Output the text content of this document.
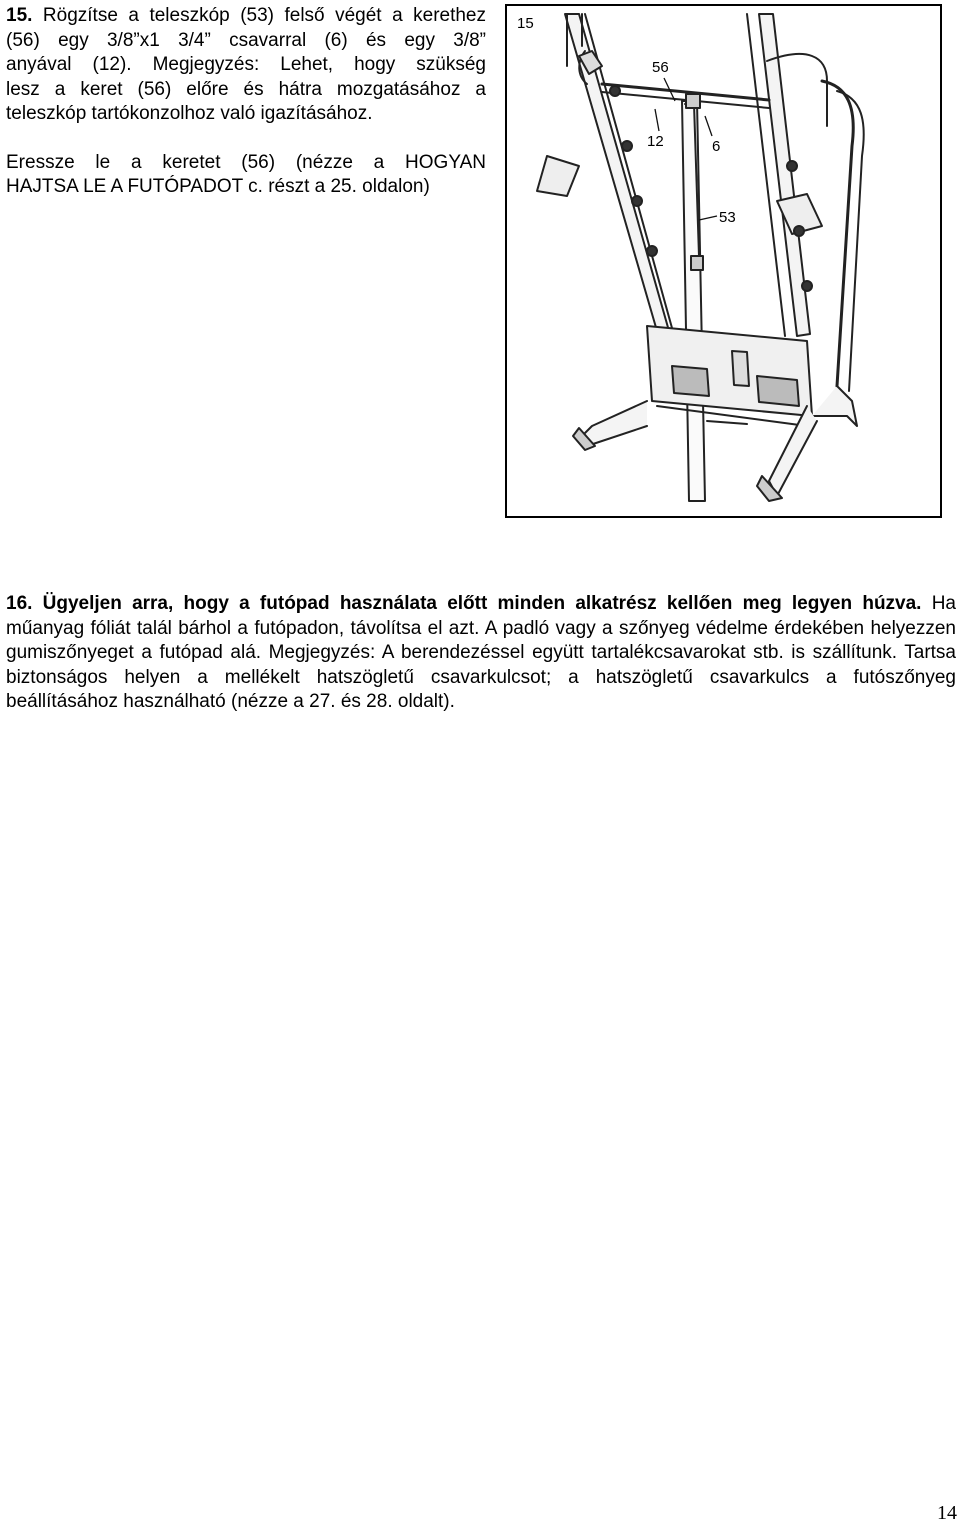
15. Rögzítse a teleszkóp (53) felső végét a kerethez

(56) egy 3/8”x1 3/4” csavarral (6) és egy 3/8”

anyával (12). Megjegyzés: Lehet, hogy szükség

lesz a keret (56) előre és hátra mozgatásához a

teleszkóp tartókonzolhoz való igazításához.

Eressze le a keretet (56) (nézze a HOGYAN

HAJTSA LE A FUTÓPADOT c. részt a 25. oldalon)

15
56
12	6
53

16. Ügyeljen arra, hogy a futópad használata előtt minden alkatrész kellően meg legyen húzva. Ha műanyag fóliát talál bárhol a futópadon, távolítsa el azt. A padló vagy a szőnyeg védelme érdekében helyezzen gumiszőnyeget a futópad alá. Megjegyzés: A berendezéssel együtt tartalékcsavarokat stb. is szállítunk. Tartsa biztonságos helyen a mellékelt hatszögletű csavarkulcsot; a hatszögletű csavarkulcs a futószőnyeg beállításához használható (nézze a 27. és 28. oldalt).

14
